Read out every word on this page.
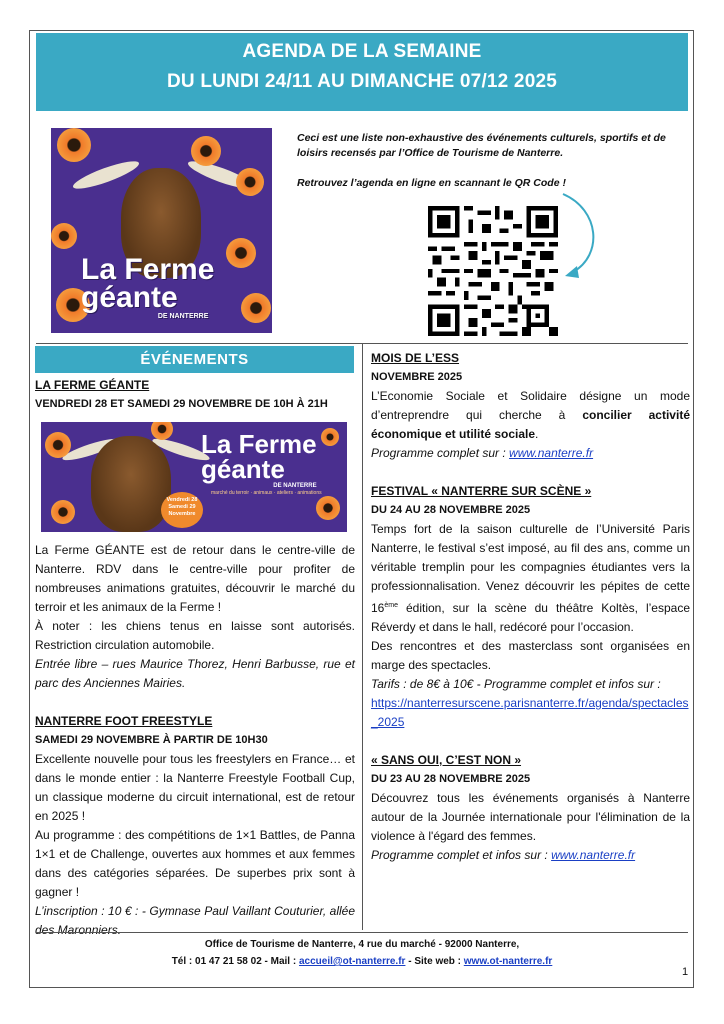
AGENDA DE LA SEMAINE
DU LUNDI 24/11 AU DIMANCHE 07/12 2025
La Ferme
géante
DE NANTERRE

Ceci est une liste non-exhaustive des événements culturels, sportifs et de loisirs recensés par l’Office de Tourisme de Nanterre.

Retrouvez l’agenda en ligne en scannant le QR Code !

ÉVÉNEMENTS
LA FERME GÉANTE
VENDREDI 28 ET SAMEDI 29 NOVEMBRE DE 10H À 21H
La Ferme
géante
DE NANTERRE
Vendredi 28 Samedi 29 Novembre
marché du terroir · animaux · ateliers · animations

La Ferme GÉANTE est de retour dans le centre-ville de Nanterre. RDV dans le centre-ville pour profiter de nombreuses animations gratuites, découvrir le marché du terroir et les animaux de la Ferme !

À noter : les chiens tenus en laisse sont autorisés. Restriction circulation automobile.

Entrée libre – rues Maurice Thorez, Henri Barbusse, rue et parc des Anciennes Mairies.

NANTERRE FOOT FREESTYLE
SAMEDI 29 NOVEMBRE À PARTIR DE 10H30

Excellente nouvelle pour tous les freestylers en France… et dans le monde entier : la Nanterre Freestyle Football Cup, un classique moderne du circuit international, est de retour en 2025 !

Au programme : des compétitions de 1×1 Battles, de Panna 1×1 et de Challenge, ouvertes aux hommes et aux femmes dans des catégories séparées. De superbes prix sont à gagner !

L’inscription : 10 € : - Gymnase Paul Vaillant Couturier, allée des Maronniers.

MOIS DE L’ESS
NOVEMBRE 2025

L’Economie Sociale et Solidaire désigne un mode d’entreprendre qui cherche à concilier activité économique et utilité sociale.

Programme complet sur : www.nanterre.fr

FESTIVAL « NANTERRE SUR SCÈNE »
DU 24 AU 28 NOVEMBRE 2025

Temps fort de la saison culturelle de l’Université Paris Nanterre, le festival s’est imposé, au fil des ans, comme un véritable tremplin pour les compagnies étudiantes vers la professionnalisation. Venez découvrir les pépites de cette 16ème édition, sur la scène du théâtre Koltès, l’espace Réverdy et dans le hall, redécoré pour l’occasion.

Des rencontres et des masterclass sont organisées en marge des spectacles.

Tarifs : de 8€ à 10€ - Programme complet et infos sur :

https://nanterresurscene.parisnanterre.fr/agenda/spectacles_2025

« SANS OUI, C’EST NON »
DU 23 AU 28 NOVEMBRE 2025

Découvrez tous les événements organisés à Nanterre autour de la Journée internationale pour l'élimination de la violence à l'égard des femmes.

Programme complet et infos sur : www.nanterre.fr

Office de Tourisme de Nanterre, 4 rue du marché - 92000 Nanterre,
Tél : 01 47 21 58 02 - Mail : accueil@ot-nanterre.fr - Site web : www.ot-nanterre.fr
1
